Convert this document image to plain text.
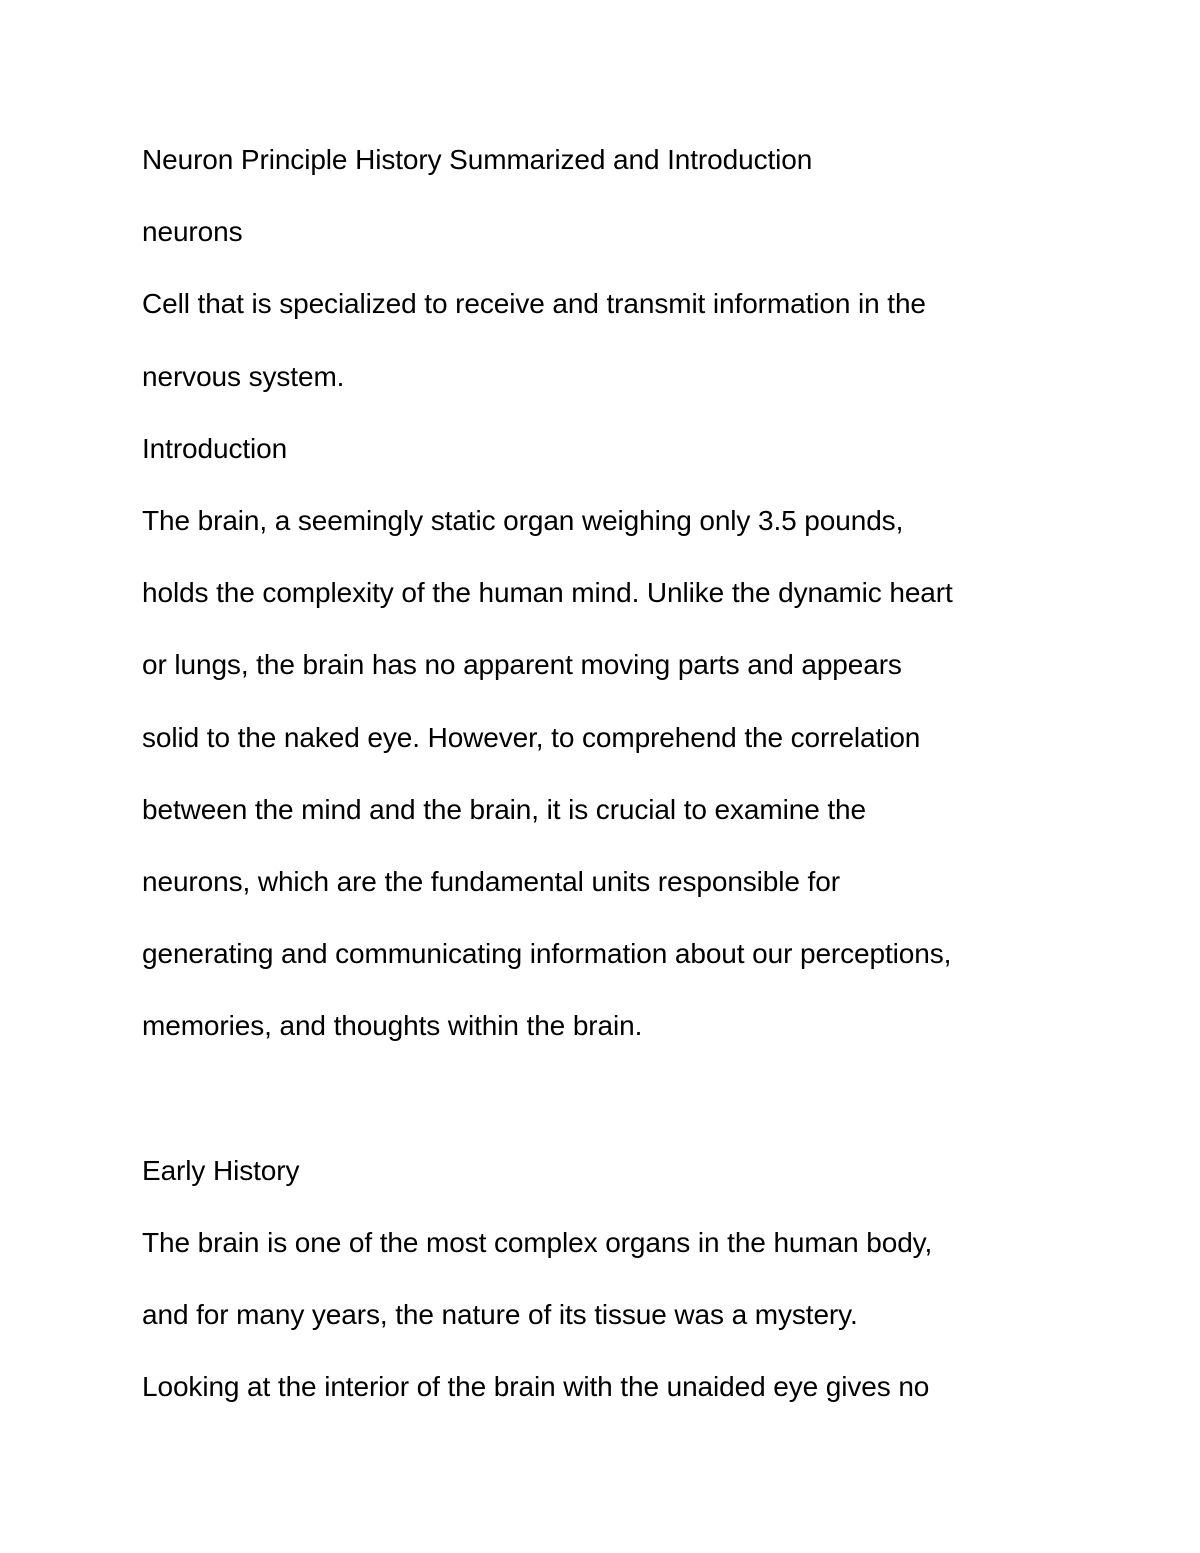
Neuron Principle History Summarized and Introduction
neurons
Cell that is specialized to receive and transmit information in the
nervous system.
Introduction
The brain, a seemingly static organ weighing only 3.5 pounds,
holds the complexity of the human mind. Unlike the dynamic heart
or lungs, the brain has no apparent moving parts and appears
solid to the naked eye. However, to comprehend the correlation
between the mind and the brain, it is crucial to examine the
neurons, which are the fundamental units responsible for
generating and communicating information about our perceptions,
memories, and thoughts within the brain.
Early History
The brain is one of the most complex organs in the human body,
and for many years, the nature of its tissue was a mystery.
Looking at the interior of the brain with the unaided eye gives no
